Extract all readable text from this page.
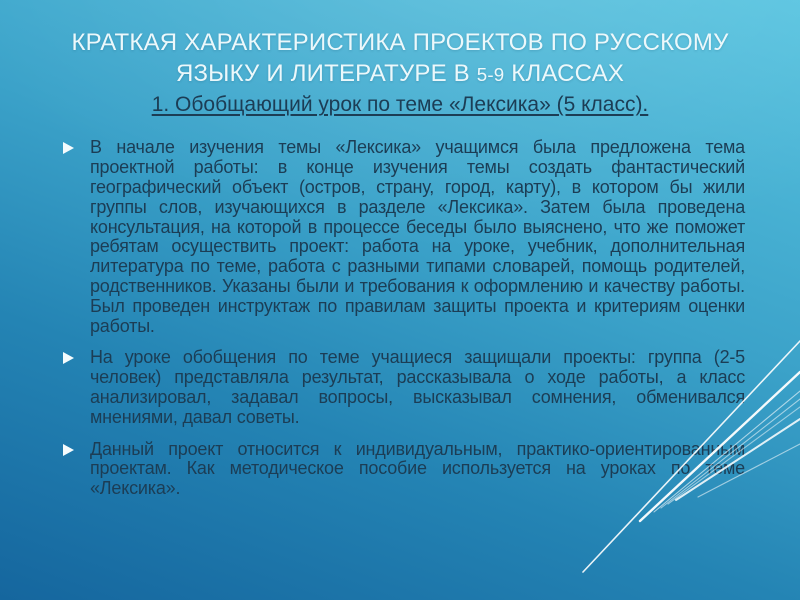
КРАТКАЯ ХАРАКТЕРИСТИКА ПРОЕКТОВ ПО РУССКОМУ
ЯЗЫКУ И ЛИТЕРАТУРЕ В 5-9 КЛАССАХ
1. Обобщающий урок по теме «Лексика» (5 класс).
В начале изучения темы «Лексика» учащимся была предложена тема проектной работы: в конце изучения темы создать фантастический географический объект (остров, страну, город, карту), в котором бы жили группы слов, изучающихся в разделе «Лексика». Затем была проведена консультация, на которой в процессе беседы было выяснено, что же поможет ребятам осуществить проект: работа на уроке, учебник, дополнительная литература по теме, работа с разными типами словарей, помощь родителей, родственников. Указаны были и требования к оформлению и качеству работы. Был проведен инструктаж по правилам защиты проекта и критериям оценки работы.
На уроке обобщения по теме учащиеся защищали проекты: группа (2-5 человек) представляла результат, рассказывала о ходе работы, а класс анализировал, задавал вопросы, высказывал сомнения, обменивался мнениями, давал советы.
Данный проект относится к индивидуальным, практико-ориентированным проектам. Как методическое пособие используется на уроках по теме «Лексика».
